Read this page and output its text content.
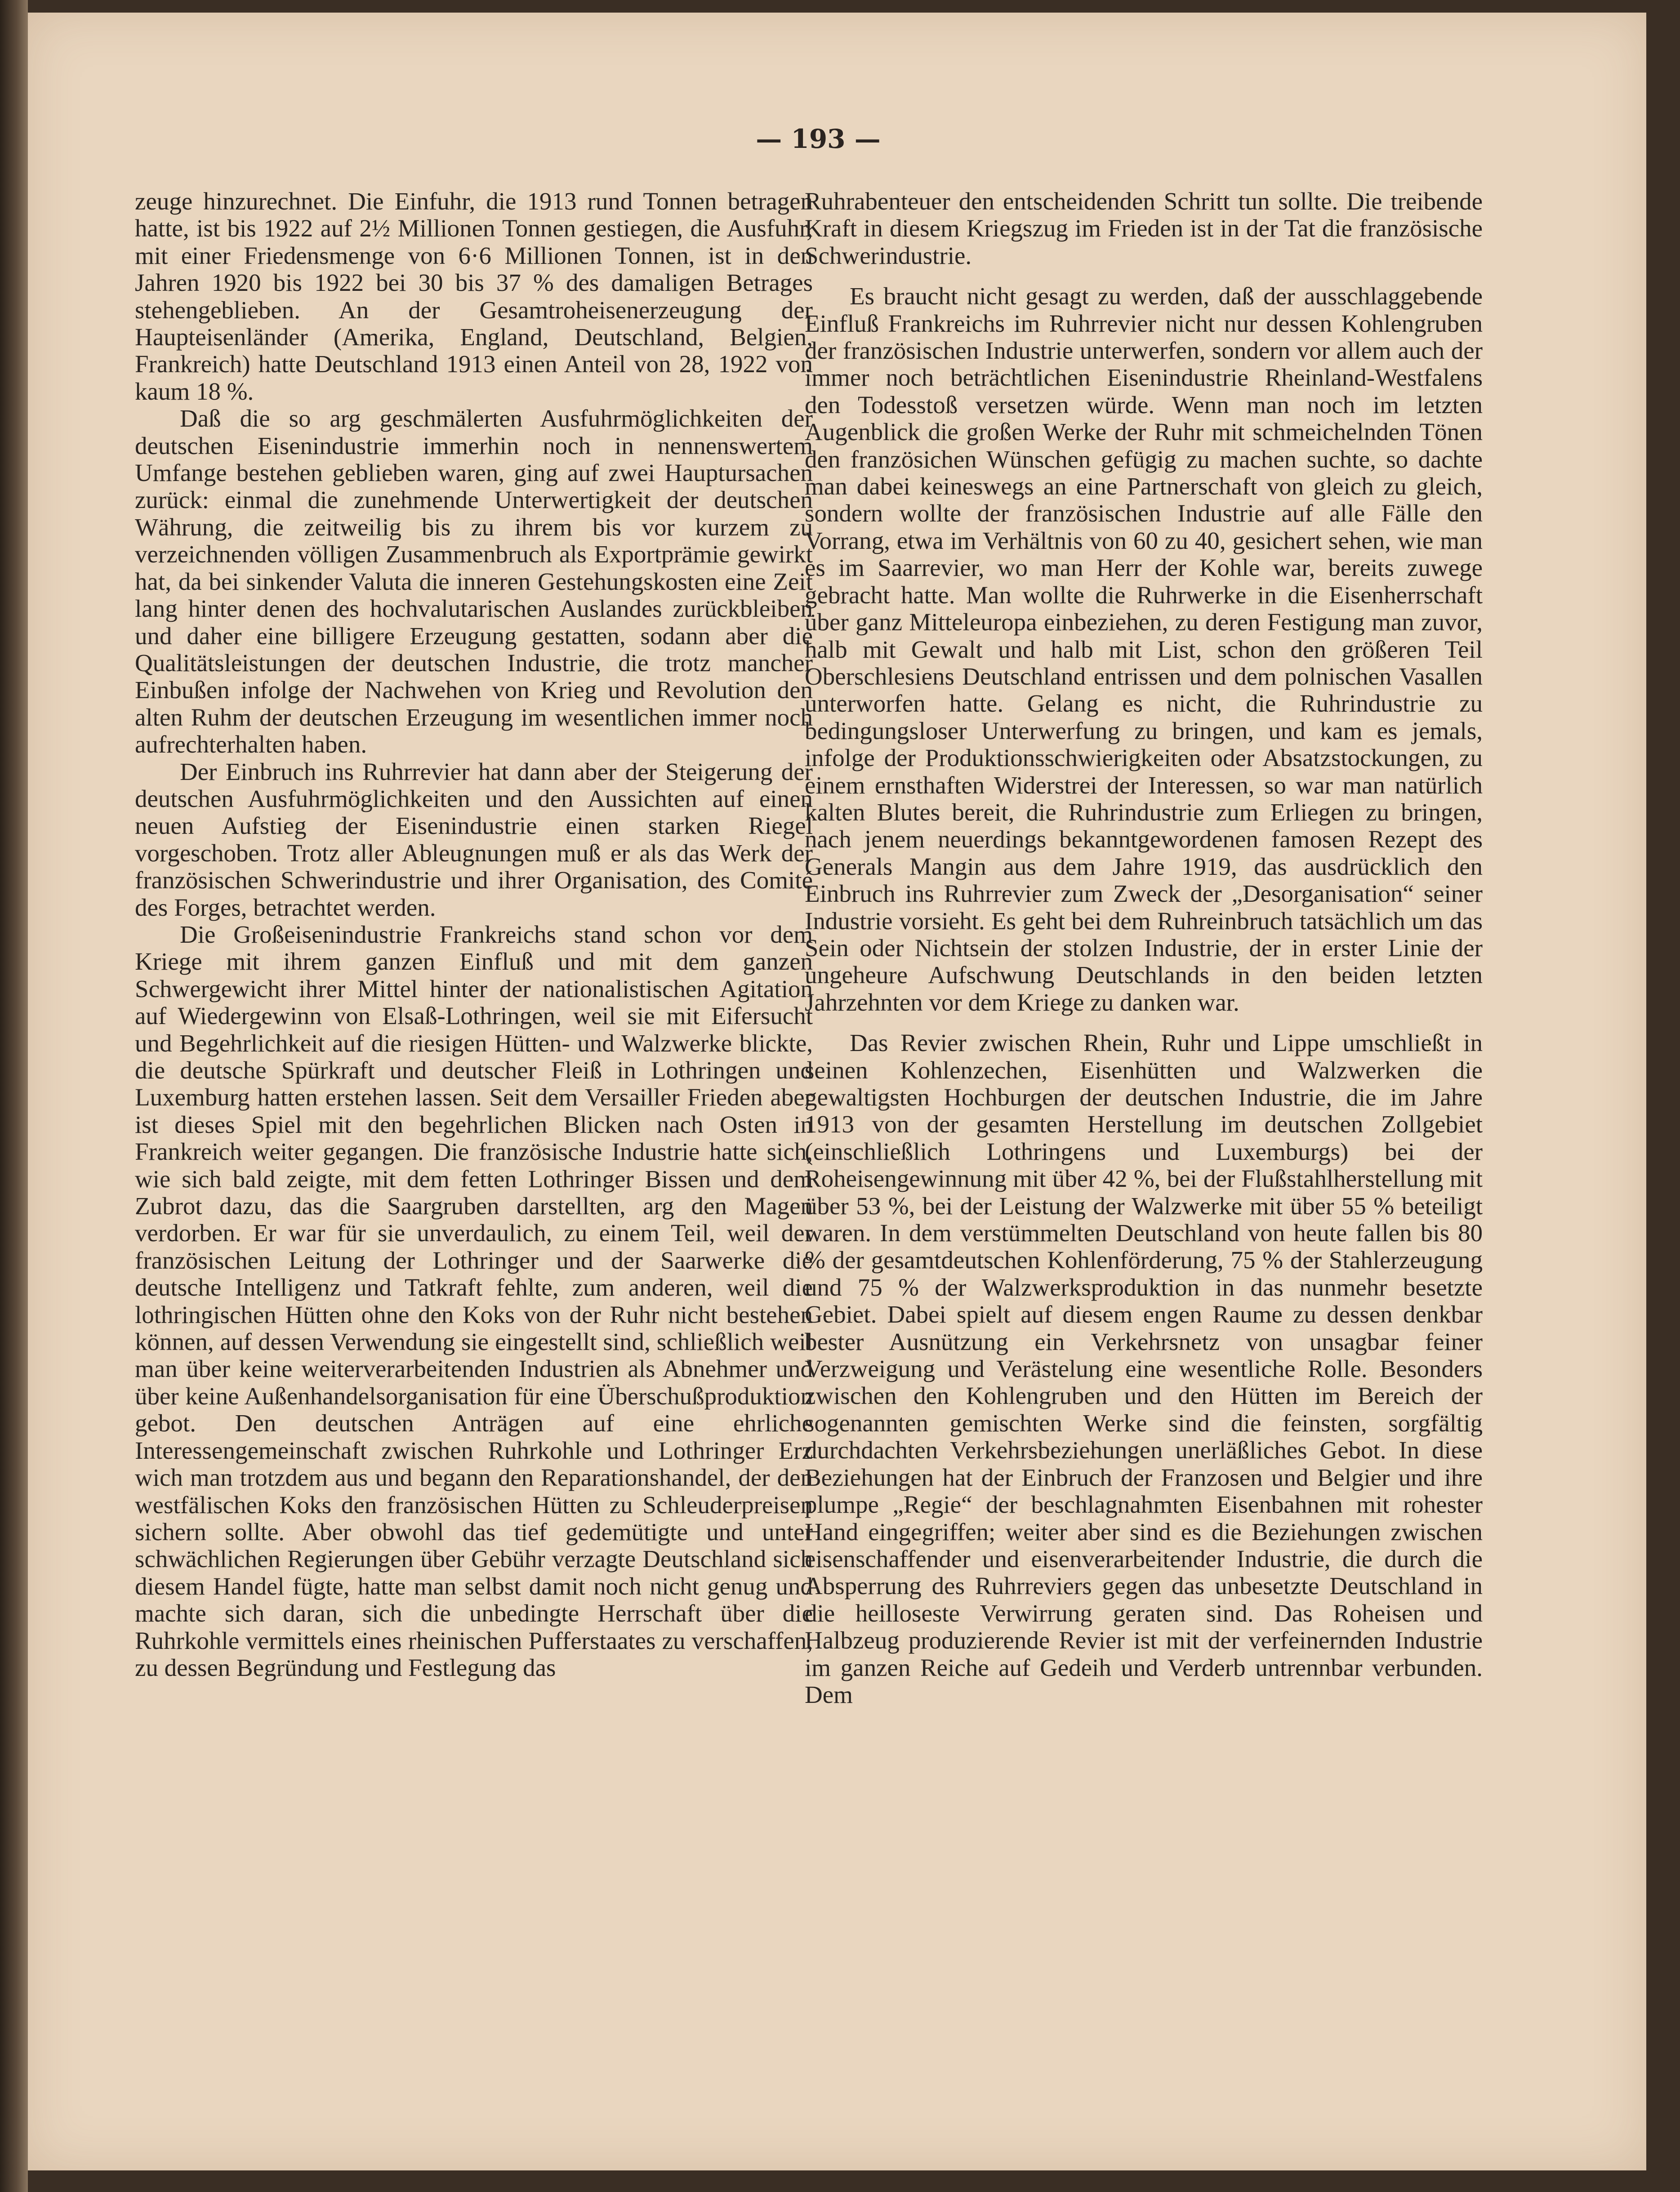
— 193 —

zeuge hinzurechnet. Die Einfuhr, die 1913 rund Tonnen betragen hatte, ist bis 1922 auf 2½ Millionen Tonnen gestiegen, die Ausfuhr, mit einer Friedensmenge von 6·6 Millionen Tonnen, ist in den Jahren 1920 bis 1922 bei 30 bis 37 % des damaligen Betrages stehengeblieben. An der Gesamtroheisenerzeugung der Haupteisenländer (Amerika, England, Deutschland, Belgien, Frankreich) hatte Deutschland 1913 einen Anteil von 28, 1922 von kaum 18 %.

Daß die so arg geschmälerten Ausfuhrmöglichkeiten der deutschen Eisenindustrie immerhin noch in nennenswertem Umfange bestehen geblieben waren, ging auf zwei Hauptursachen zurück: einmal die zunehmende Unterwertigkeit der deutschen Währung, die zeitweilig bis zu ihrem bis vor kurzem zu verzeichnenden völligen Zusammenbruch als Exportprämie gewirkt hat, da bei sinkender Valuta die inneren Gestehungskosten eine Zeit lang hinter denen des hochvalutarischen Auslandes zurückbleiben und daher eine billigere Erzeugung gestatten, sodann aber die Qualitätsleistungen der deutschen Industrie, die trotz mancher Einbußen infolge der Nachwehen von Krieg und Revolution den alten Ruhm der deutschen Erzeugung im wesentlichen immer noch aufrechterhalten haben.

Der Einbruch ins Ruhrrevier hat dann aber der Steigerung der deutschen Ausfuhrmöglichkeiten und den Aussichten auf einen neuen Aufstieg der Eisenindustrie einen starken Riegel vorgeschoben. Trotz aller Ableugnungen muß er als das Werk der französischen Schwerindustrie und ihrer Organisation, des Comité des Forges, betrachtet werden.

Die Großeisenindustrie Frankreichs stand schon vor dem Kriege mit ihrem ganzen Einfluß und mit dem ganzen Schwergewicht ihrer Mittel hinter der nationalistischen Agitation auf Wiedergewinn von Elsaß-Lothringen, weil sie mit Eifersucht und Begehrlichkeit auf die riesigen Hütten- und Walzwerke blickte, die deutsche Spürkraft und deutscher Fleiß in Lothringen und Luxemburg hatten erstehen lassen. Seit dem Versailler Frieden aber ist dieses Spiel mit den begehrlichen Blicken nach Osten in Frankreich weiter gegangen. Die französische Industrie hatte sich, wie sich bald zeigte, mit dem fetten Lothringer Bissen und dem Zubrot dazu, das die Saargruben darstellten, arg den Magen verdorben. Er war für sie unverdaulich, zu einem Teil, weil der französischen Leitung der Lothringer und der Saarwerke die deutsche Intelligenz und Tatkraft fehlte, zum anderen, weil die lothringischen Hütten ohne den Koks von der Ruhr nicht bestehen können, auf dessen Verwendung sie eingestellt sind, schließlich weil man über keine weiterverarbeitenden Industrien als Abnehmer und über keine Außenhandelsorganisation für eine Überschußproduktion gebot. Den deutschen Anträgen auf eine ehrliche Interessengemeinschaft zwischen Ruhrkohle und Lothringer Erz wich man trotzdem aus und begann den Reparationshandel, der den westfälischen Koks den französischen Hütten zu Schleuderpreisen sichern sollte. Aber obwohl das tief gedemütigte und unter schwächlichen Regierungen über Gebühr verzagte Deutschland sich diesem Handel fügte, hatte man selbst damit noch nicht genug und machte sich daran, sich die unbedingte Herrschaft über die Ruhrkohle vermittels eines rheinischen Pufferstaates zu verschaffen, zu dessen Begründung und Festlegung das

Ruhrabenteuer den entscheidenden Schritt tun sollte. Die treibende Kraft in diesem Kriegszug im Frieden ist in der Tat die französische Schwerindustrie.

Es braucht nicht gesagt zu werden, daß der ausschlaggebende Einfluß Frankreichs im Ruhrrevier nicht nur dessen Kohlengruben der französischen Industrie unterwerfen, sondern vor allem auch der immer noch beträchtlichen Eisenindustrie Rheinland-Westfalens den Todesstoß versetzen würde. Wenn man noch im letzten Augenblick die großen Werke der Ruhr mit schmeichelnden Tönen den französichen Wünschen gefügig zu machen suchte, so dachte man dabei keineswegs an eine Partnerschaft von gleich zu gleich, sondern wollte der französischen Industrie auf alle Fälle den Vorrang, etwa im Verhältnis von 60 zu 40, gesichert sehen, wie man es im Saarrevier, wo man Herr der Kohle war, bereits zuwege gebracht hatte. Man wollte die Ruhrwerke in die Eisenherrschaft über ganz Mitteleuropa einbeziehen, zu deren Festigung man zuvor, halb mit Gewalt und halb mit List, schon den größeren Teil Oberschlesiens Deutschland entrissen und dem polnischen Vasallen unterworfen hatte. Gelang es nicht, die Ruhrindustrie zu bedingungsloser Unterwerfung zu bringen, und kam es jemals, infolge der Produktionsschwierigkeiten oder Absatzstockungen, zu einem ernsthaften Widerstrei der Interessen, so war man natürlich kalten Blutes bereit, die Ruhrindustrie zum Erliegen zu bringen, nach jenem neuerdings bekanntgewordenen famosen Rezept des Generals Mangin aus dem Jahre 1919, das ausdrücklich den Einbruch ins Ruhrrevier zum Zweck der „Desorganisation“ seiner Industrie vorsieht. Es geht bei dem Ruhreinbruch tatsächlich um das Sein oder Nichtsein der stolzen Industrie, der in erster Linie der ungeheure Aufschwung Deutschlands in den beiden letzten Jahrzehnten vor dem Kriege zu danken war.

Das Revier zwischen Rhein, Ruhr und Lippe umschließt in seinen Kohlenzechen, Eisenhütten und Walzwerken die gewaltigsten Hochburgen der deutschen Industrie, die im Jahre 1913 von der gesamten Herstellung im deutschen Zollgebiet (einschließlich Lothringens und Luxemburgs) bei der Roheisengewinnung mit über 42 %, bei der Flußstahlherstellung mit über 53 %, bei der Leistung der Walzwerke mit über 55 % beteiligt waren. In dem verstümmelten Deutschland von heute fallen bis 80 % der gesamtdeutschen Kohlenförderung, 75 % der Stahlerzeugung und 75 % der Walzwerksproduktion in das nunmehr besetzte Gebiet. Dabei spielt auf diesem engen Raume zu dessen denkbar bester Ausnützung ein Verkehrsnetz von unsagbar feiner Verzweigung und Verästelung eine wesentliche Rolle. Besonders zwischen den Kohlengruben und den Hütten im Bereich der sogenannten gemischten Werke sind die feinsten, sorgfältig durchdachten Verkehrsbeziehungen unerläßliches Gebot. In diese Beziehungen hat der Einbruch der Franzosen und Belgier und ihre plumpe „Regie“ der beschlagnahmten Eisenbahnen mit rohester Hand eingegriffen; weiter aber sind es die Beziehungen zwischen eisenschaffender und eisenverarbeitender Industrie, die durch die Absperrung des Ruhrreviers gegen das unbesetzte Deutschland in die heilloseste Verwirrung geraten sind. Das Roheisen und Halbzeug produzierende Revier ist mit der verfeinernden Industrie im ganzen Reiche auf Gedeih und Verderb untrennbar verbunden. Dem
